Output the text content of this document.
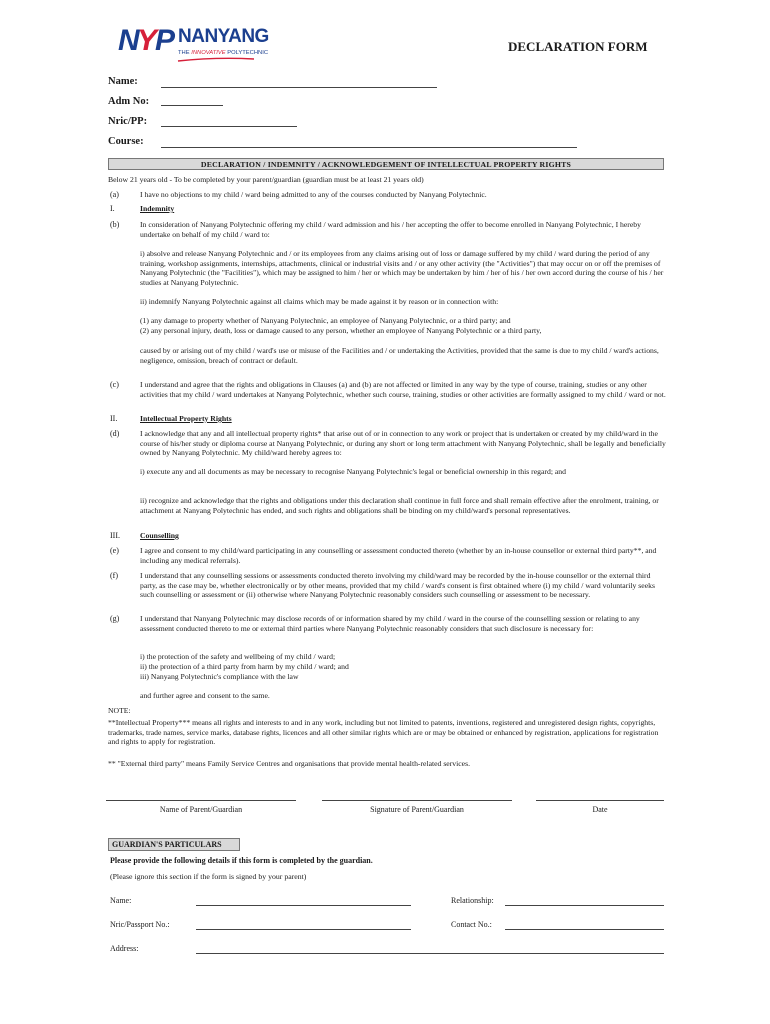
N
Y
P NANYANG
THE INNOVATIVE POLYTECHNIC	DECLARATION FORM
Name:
Adm No:
Nric/PP:
Course:
DECLARATION / INDEMNITY / ACKNOWLEDGEMENT OF INTELLECTUAL PROPERTY RIGHTS
Below 21 years old - To be completed by your parent/guardian (guardian must be at least 21 years old)
(a)	I have no objections to my child / ward being admitted to any of the courses conducted by Nanyang Polytechnic.
I.	Indemnity
(b)	In consideration of Nanyang Polytechnic offering my child / ward admission and his / her accepting the offer to become enrolled in Nanyang Polytechnic, I hereby undertake on behalf of my child / ward to:
i) absolve and release Nanyang Polytechnic and / or its employees from any claims arising out of loss or damage suffered by my child / ward during the period of any training, workshop assignments, internships, attachments, clinical or industrial visits and / or any other activity (the "Activities") that may occur on or off the premises of Nanyang Polytechnic (the "Facilities"), which may be assigned to him / her or which may be undertaken by him / her of his / her own accord during the course of his / her studies at Nanyang Polytechnic.
ii) indemnify Nanyang Polytechnic against all claims which may be made against it by reason or in connection with:
(1) any damage to property whether of Nanyang Polytechnic, an employee of Nanyang Polytechnic, or a third party; and
(2) any personal injury, death, loss or damage caused to any person, whether an employee of Nanyang Polytechnic or a third party,
caused by or arising out of my child / ward's use or misuse of the Facilities and / or undertaking the Activities, provided that the same is due to my child / ward's actions, negligence, omission, breach of contract or default.
(c)	I understand and agree that the rights and obligations in Clauses (a) and (b) are not affected or limited in any way by the type of course, training, studies or any other activities that my child / ward undertakes at Nanyang Polytechnic, whether such course, training, studies or other activities are formally assigned to my child / ward or not.
II.	Intellectual Property Rights
(d)	I acknowledge that any and all intellectual property rights* that arise out of or in connection to any work or project that is undertaken or created by my child/ward in the course of his/her study or diploma course at Nanyang Polytechnic, or during any short or long term attachment with Nanyang Polytechnic, shall be legally and beneficially owned by Nanyang Polytechnic. My child/ward hereby agrees to:
i) execute any and all documents as may be necessary to recognise Nanyang Polytechnic's legal or beneficial ownership in this regard; and
ii) recognize and acknowledge that the rights and obligations under this declaration shall continue in full force and shall remain effective after the enrolment, training, or attachment at Nanyang Polytechnic has ended, and such rights and obligations shall be binding on my child/ward's personal representatives.
III.	Counselling
(e)	I agree and consent to my child/ward participating in any counselling or assessment conducted thereto (whether by an in-house counsellor or external third party**, and including any medical referrals).
(f)	I understand that any counselling sessions or assessments conducted thereto involving my child/ward may be recorded by the in-house counsellor or the external third party, as the case may be, whether electronically or by other means, provided that my child / ward's consent is first obtained where (i) my child / ward voluntarily seeks such counselling or assessment or (ii) otherwise where Nanyang Polytechnic reasonably considers such counselling or assessment to be necessary.
(g)	I understand that Nanyang Polytechnic may disclose records of or information shared by my child / ward in the course of the counselling session or relating to any assessment conducted thereto to me or external third parties where Nanyang Polytechnic reasonably considers that such disclosure is necessary for:
i) the protection of the safety and wellbeing of my child / ward;
ii) the protection of a third party from harm by my child / ward; and
iii) Nanyang Polytechnic's compliance with the law
and further agree and consent to the same.
NOTE:
**Intellectual Property*** means all rights and interests to and in any work, including but not limited to patents, inventions, registered and unregistered design rights, copyrights, trademarks, trade names, service marks, database rights, licences and all other similar rights which are or may be obtained or enhanced by registration, applications for registration and rights to apply for registration.
** "External third party" means Family Service Centres and organisations that provide mental health-related services.
Name of Parent/Guardian	Signature of Parent/Guardian	Date
GUARDIAN'S PARTICULARS
Please provide the following details if this form is completed by the guardian.
(Please ignore this section if the form is signed by your parent)
Name:	Relationship:
Nric/Passport No.:	Contact No.:
Address:
